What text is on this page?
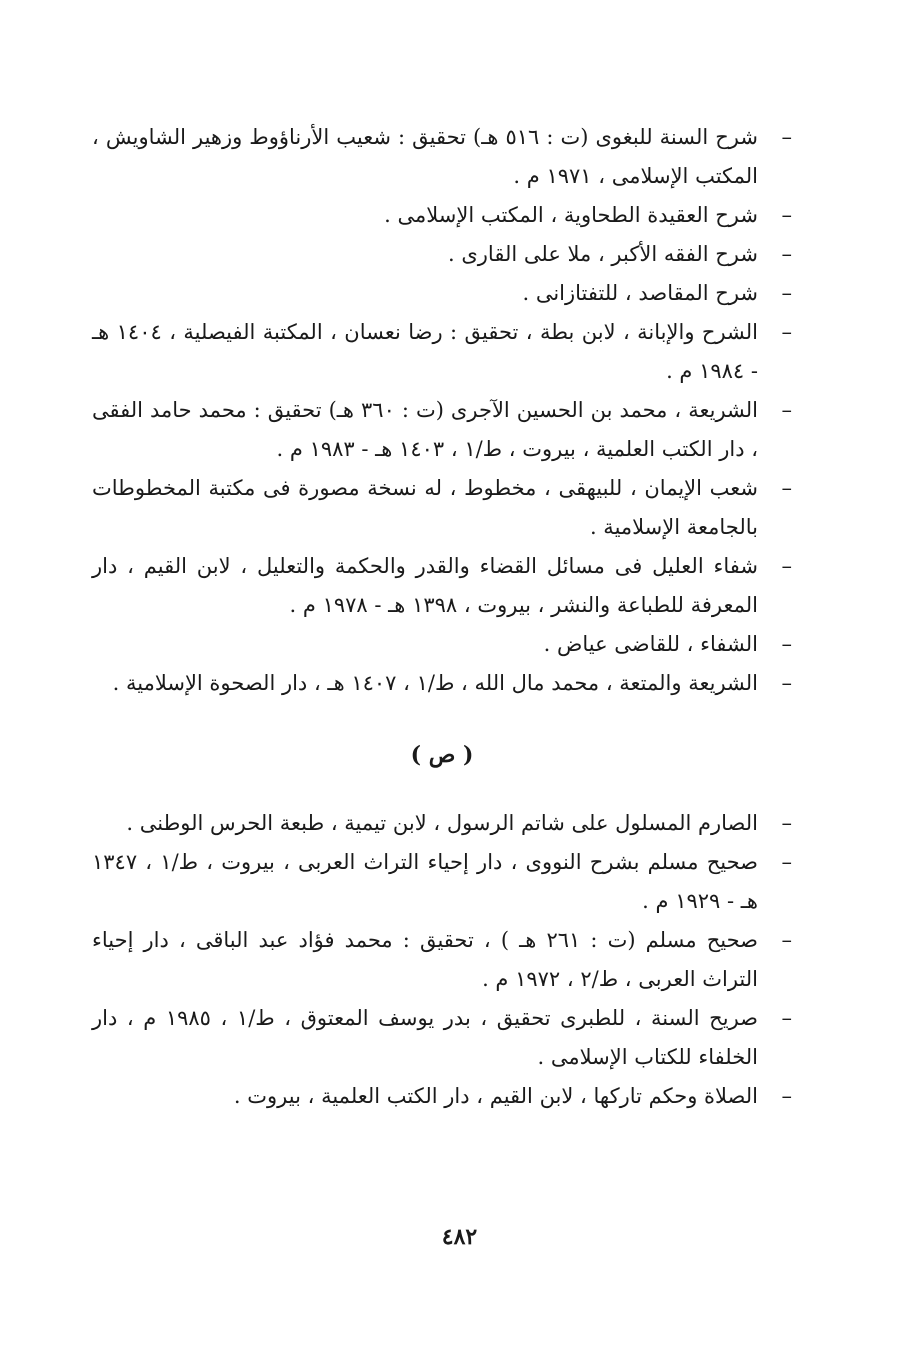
–
شرح السنة للبغوى (ت : ٥١٦ هـ) تحقيق : شعيب الأرناؤوط وزهير الشاويش ، المكتب الإسلامى ، ١٩٧١ م .

–
شرح العقيدة الطحاوية ، المكتب الإسلامى .

–
شرح الفقه الأكبر ، ملا على القارى .

–
شرح المقاصد ، للتفتازانى .

–
الشرح والإبانة ، لابن بطة ، تحقيق : رضا نعسان ، المكتبة الفيصلية ، ١٤٠٤ هـ - ١٩٨٤ م .

–
الشريعة ، محمد بن الحسين الآجرى (ت : ٣٦٠ هـ) تحقيق : محمد حامد الفقى ، دار الكتب العلمية ، بيروت ، ط/١ ، ١٤٠٣ هـ - ١٩٨٣ م .

–
شعب الإيمان ، للبيهقى ، مخطوط ، له نسخة مصورة فى مكتبة المخطوطات بالجامعة الإسلامية .

–
شفاء العليل فى مسائل القضاء والقدر والحكمة والتعليل ، لابن القيم ، دار المعرفة للطباعة والنشر ، بيروت ، ١٣٩٨ هـ - ١٩٧٨ م .

–
الشفاء ، للقاضى عياض .

–
الشريعة والمتعة ، محمد مال الله ، ط/١ ، ١٤٠٧ هـ ، دار الصحوة الإسلامية .

( ص )

–
الصارم المسلول على شاتم الرسول ، لابن تيمية ، طبعة الحرس الوطنى .

–
صحيح مسلم بشرح النووى ، دار إحياء التراث العربى ، بيروت ، ط/١ ، ١٣٤٧ هـ - ١٩٢٩ م .

–
صحيح مسلم (ت : ٢٦١ هـ ) ، تحقيق : محمد فؤاد عبد الباقى ، دار إحياء التراث العربى ، ط/٢ ، ١٩٧٢ م .

–
صريح السنة ، للطبرى تحقيق ، بدر يوسف المعتوق ، ط/١ ، ١٩٨٥ م ، دار الخلفاء للكتاب الإسلامى .

–
الصلاة وحكم تاركها ، لابن القيم ، دار الكتب العلمية ، بيروت .

٤٨٢
